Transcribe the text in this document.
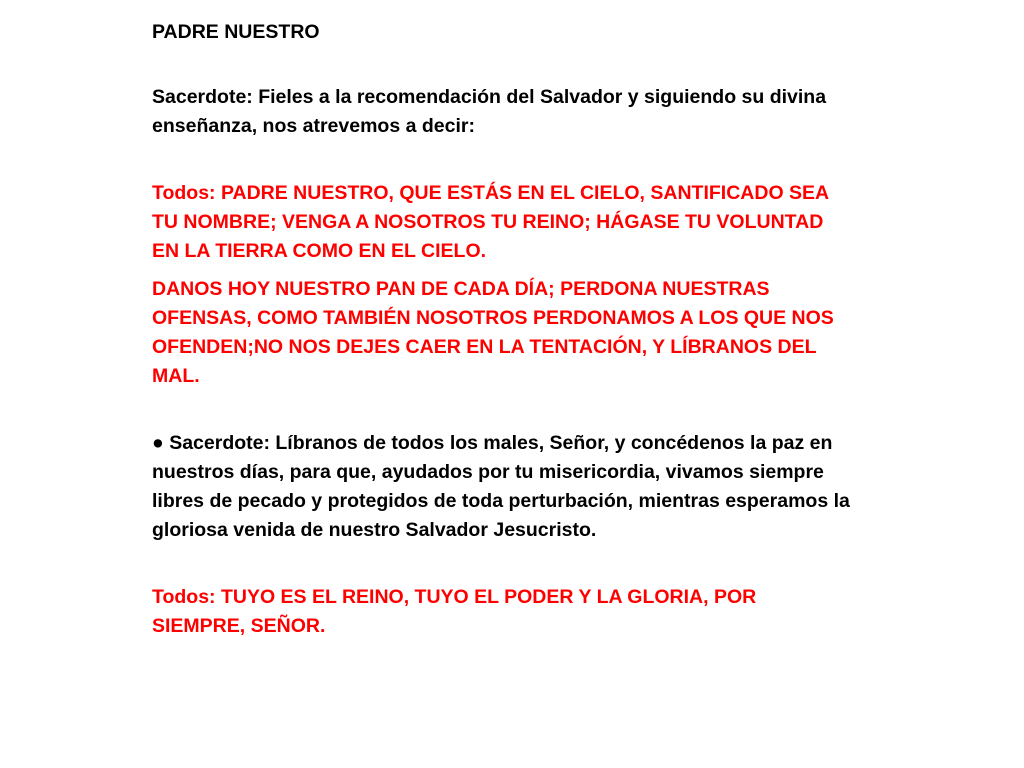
PADRE NUESTRO

Sacerdote: Fieles a la recomendación del Salvador y siguiendo su divina enseñanza, nos atrevemos a decir:

Todos: PADRE NUESTRO, QUE ESTÁS EN EL CIELO, SANTIFICADO SEA TU NOMBRE; VENGA A NOSOTROS TU REINO; HÁGASE TU VOLUNTAD EN LA TIERRA COMO EN EL CIELO.

DANOS HOY NUESTRO PAN DE CADA DÍA; PERDONA NUESTRAS OFENSAS, COMO TAMBIÉN NOSOTROS PERDONAMOS A LOS QUE NOS OFENDEN;NO NOS DEJES CAER EN LA TENTACIÓN, Y LÍBRANOS DEL MAL.

● Sacerdote: Líbranos de todos los males, Señor, y concédenos la paz en nuestros días, para que, ayudados por tu misericordia, vivamos siempre libres de pecado y protegidos de toda perturbación, mientras esperamos la gloriosa venida de nuestro Salvador Jesucristo.

Todos: TUYO ES EL REINO, TUYO EL PODER Y LA GLORIA, POR SIEMPRE, SEÑOR.
